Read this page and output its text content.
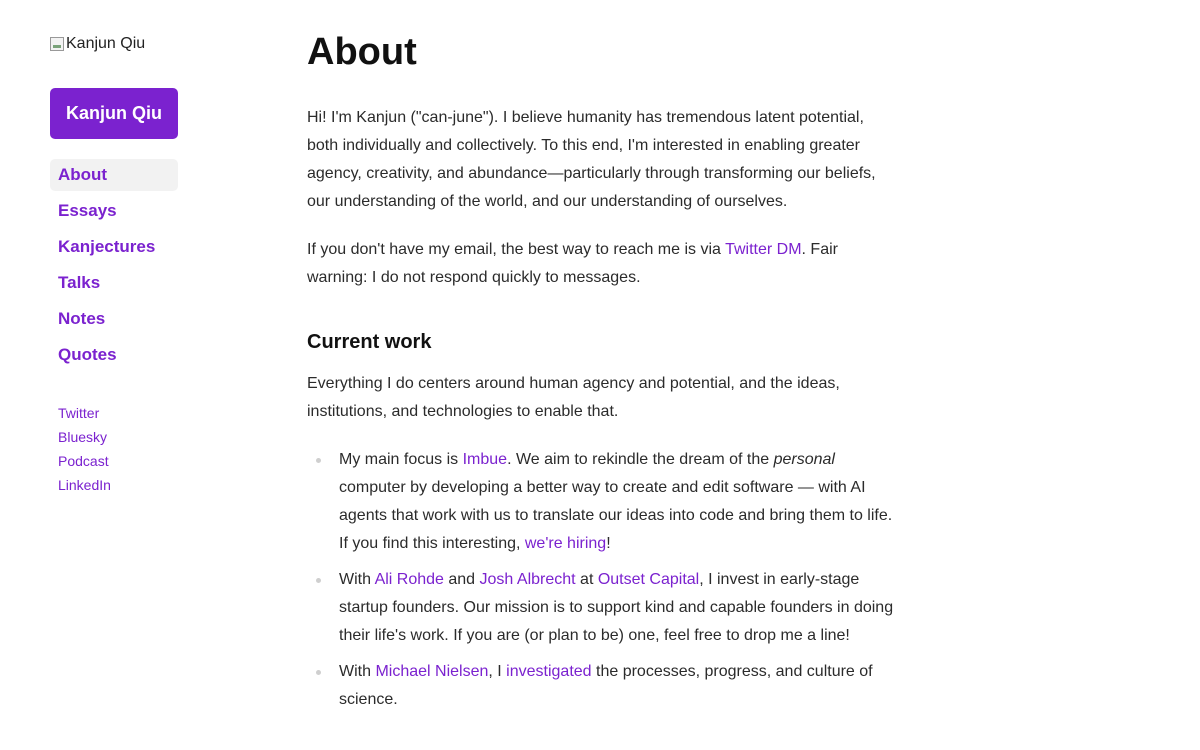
Kanjun Qiu
Kanjun Qiu
About
Essays
Kanjectures
Talks
Notes
Quotes
Twitter
Bluesky
Podcast
LinkedIn
About

Hi! I'm Kanjun ("can-june"). I believe humanity has tremendous latent potential, both individually and collectively. To this end, I'm interested in enabling greater agency, creativity, and abundance—particularly through transforming our beliefs, our understanding of the world, and our understanding of ourselves.

If you don't have my email, the best way to reach me is via Twitter DM. Fair warning: I do not respond quickly to messages.

Current work

Everything I do centers around human agency and potential, and the ideas, institutions, and technologies to enable that.

My main focus is Imbue. We aim to rekindle the dream of the personal computer by developing a better way to create and edit software — with AI agents that work with us to translate our ideas into code and bring them to life. If you find this interesting, we're hiring!
With Ali Rohde and Josh Albrecht at Outset Capital, I invest in early-stage startup founders. Our mission is to support kind and capable founders in doing their life's work. If you are (or plan to be) one, feel free to drop me a line!
With Michael Nielsen, I investigated the processes, progress, and culture of science.
